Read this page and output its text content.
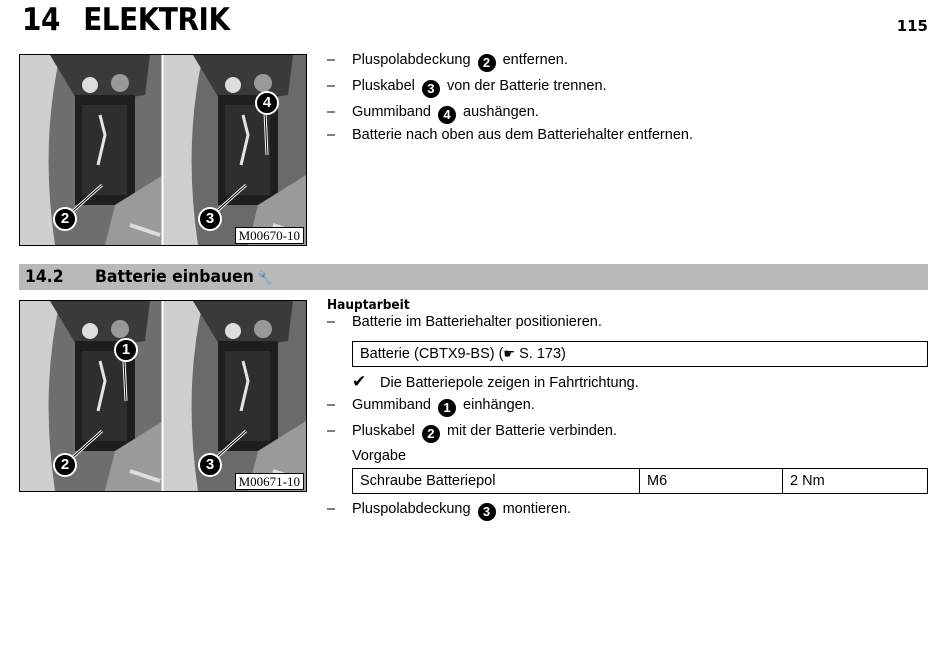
14 ELEKTRIK	115
2	3
4
M00670-10
– Pluspolabdeckung 2 entfernen.
– Pluskabel 3 von der Batterie trennen.
– Gummiband 4 aushängen.
– Batterie nach oben aus dem Batteriehalter entfernen.
14.2 Batterie einbauen 🔧
1
2	3
M00671-10
Hauptarbeit
– Batterie im Batteriehalter positionieren.
Batterie (CBTX9-BS) (☛ S. 173)
✔ Die Batteriepole zeigen in Fahrtrichtung.
– Gummiband 1 einhängen.
– Pluskabel 2 mit der Batterie verbinden.
Vorgabe
Schraube Batteriepol	M6	2 Nm
– Pluspolabdeckung 3 montieren.
